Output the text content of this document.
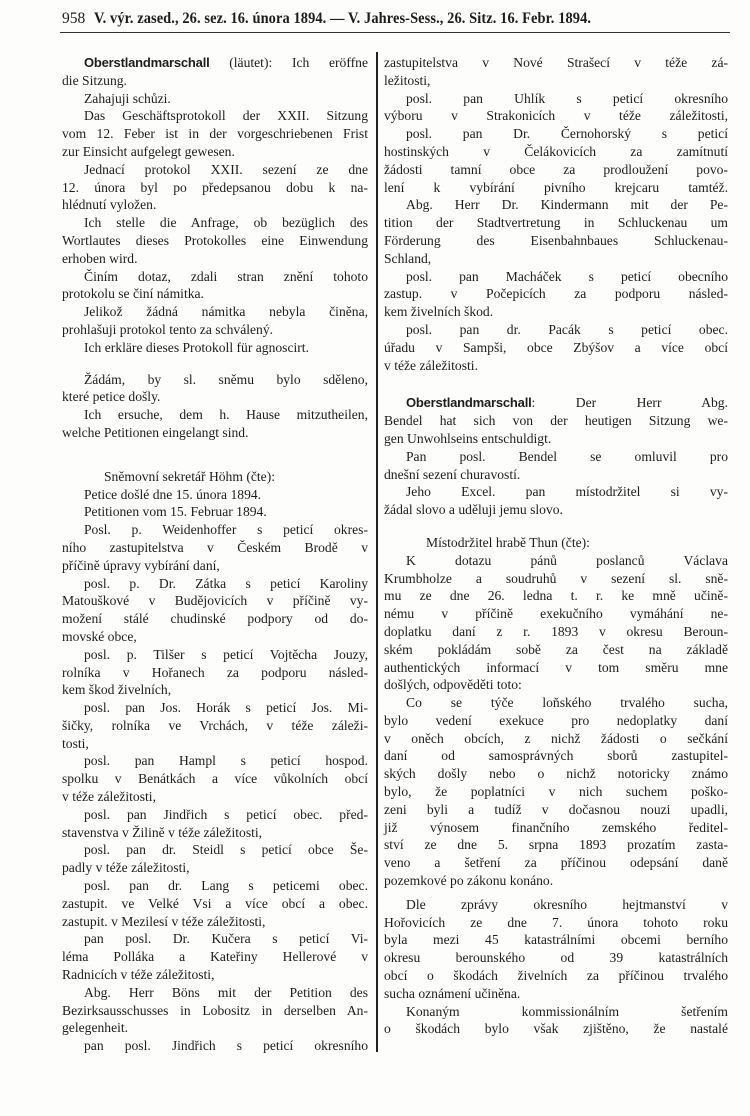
958 V. výr. zased., 26. sez. 16. února 1894. — V. Jahres-Sess., 26. Sitz. 16. Febr. 1894.
Oberstlandmarschall (läutet): Ich eröffne
die Sitzung.
Zahajuji schůzi.
Das Geschäftsprotokoll der XXII. Sitzung
vom 12. Feber ist in der vorgeschriebenen Frist
zur Einsicht aufgelegt gewesen.
Jednací protokol XXII. sezení ze dne
12. února byl po předepsanou dobu k na-
hlédnutí vyložen.
Ich stelle die Anfrage, ob bezüglich des
Wortlautes dieses Protokolles eine Einwendung
erhoben wird.
Činím dotaz, zdali stran znění tohoto
protokolu se činí námitka.
Jelikož žádná námitka nebyla činěna,
prohlašuji protokol tento za schválený.
Ich erkläre dieses Protokoll für agnoscirt.
Žádám, by sl. sněmu bylo sděleno,
které petice došly.
Ich ersuche, dem h. Hause mitzutheilen,
welche Petitionen eingelangt sind.
Sněmovní sekretář Höhm (čte):
Petice došlé dne 15. února 1894.
Petitionen vom 15. Februar 1894.
Posl. p. Weidenhoffer s peticí okres-
ního zastupitelstva v Českém Brodě v
příčině úpravy vybírání daní,
posl. p. Dr. Zátka s peticí Karoliny
Matouškové v Budějovicích v příčině vy-
možení stálé chudinské podpory od do-
movské obce,
posl. p. Tilšer s peticí Vojtěcha Jouzy,
rolníka v Hořanech za podporu násled-
kem škod živelních,
posl. pan Jos. Horák s peticí Jos. Mi-
šičky, rolníka ve Vrchách, v téže záleži-
tosti,
posl. pan Hampl s peticí hospod.
spolku v Benátkách a více vůkolních obcí
v téže záležitosti,
posl. pan Jindřich s peticí obec. před-
stavenstva v Žilině v téže záležitosti,
posl. pan dr. Steidl s peticí obce Še-
padly v téže záležitosti,
posl. pan dr. Lang s peticemi obec.
zastupit. ve Velké Vsi a více obcí a obec.
zastupit. v Mezilesí v téže záležitosti,
pan posl. Dr. Kučera s peticí Vi-
léma Polláka a Kateřiny Hellerové v
Radnicích v téže záležitosti,
Abg. Herr Böns mit der Petition des
Bezirksausschusses in Lobositz in derselben An-
gelegenheit.
pan posl. Jindřich s peticí okresního
zastupitelstva v Nové Strašecí v téže zá-
ležitosti,
posl. pan Uhlík s peticí okresního
výboru v Strakonicích v téže záležitosti,
posl. pan Dr. Černohorský s peticí
hostinských v Čelákovicích za zamítnutí
žádosti tamní obce za prodloužení povo-
lení k vybírání pivního krejcaru tamtéž.
Abg. Herr Dr. Kindermann mit der Pe-
tition der Stadtvertretung in Schluckenau um
Förderung des Eisenbahnbaues Schluckenau-
Schland,
posl. pan Macháček s peticí obecního
zastup. v Počepicích za podporu násled-
kem živelních škod.
posl. pan dr. Pacák s peticí obec.
úřadu v Sampši, obce Zbýšov a více obcí
v téže záležitosti.
Oberstlandmarschall: Der Herr Abg.
Bendel hat sich von der heutigen Sitzung we-
gen Unwohlseins entschuldigt.
Pan posl. Bendel se omluvil pro
dnešní sezení churavostí.
Jeho Excel. pan místodržitel si vy-
žádal slovo a uděluji jemu slovo.
Místodržitel hrabě Thun (čte):
K dotazu pánů poslanců Václava
Krumbholze a soudruhů v sezení sl. sně-
mu ze dne 26. ledna t. r. ke mně učině-
nému v příčině exekučního vymáhání ne-
doplatku daní z r. 1893 v okresu Beroun-
ském pokládám sobě za čest na základě
authentických informací v tom směru mne
došlých, odpověděti toto:
Co se týče loňského trvalého sucha,
bylo vedení exekuce pro nedoplatky daní
v oněch obcích, z nichž žádosti o sečkání
daní od samosprávných sborů zastupitel-
ských došly nebo o nichž notoricky známo
bylo, že poplatníci v nich suchem poško-
zeni byli a tudíž v dočasnou nouzi upadli,
již výnosem finančního zemského ředitel-
ství ze dne 5. srpna 1893 prozatím zasta-
veno a šetření za příčinou odepsání daně
pozemkové po zákonu konáno.
Dle zprávy okresního hejtmanství v
Hořovicích ze dne 7. února tohoto roku
byla mezi 45 katastrálními obcemi berního
okresu berounského od 39 katastrálních
obcí o škodách živelních za příčinou trvalého
sucha oznámení učiněna.
Konaným kommissionálním šetřením
o škodách bylo však zjištěno, že nastalé
